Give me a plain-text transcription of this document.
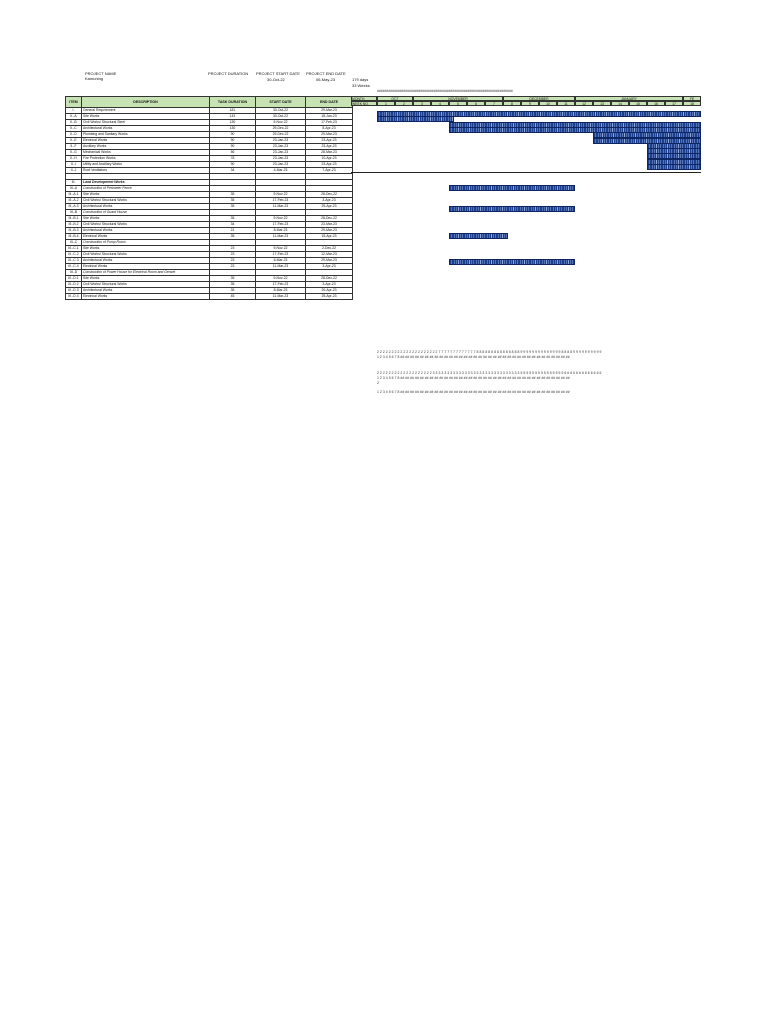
PROJECT NAME
Kamuning
PROJECT DURATION PROJECT START DATE
30-Oct-22
PROJECT END DATE
06-May-23	179 days
33 Weeks
ITEM	DESCRIPTION	TASK DURATION	START DATE	END DATE
I.	General Requirement	181	30-Oct-22	29-Mar-23
II.-A	Site Works	143	30-Oct-22	18-Jan-23
II.-B	Civil Works/ Structural Steel	130	9-Nov-22	17-Feb-23
II.-C	Architectural Works	130	29-Dec-22	8-Apr-23
II.-D	Plumbing and Sanitary Works	90	29-Dec-22	29-Mar-23
II.-E	Electrical Works	90	23-Jan-23	23-Apr-23
II.-F	Auxiliary Works	90	23-Jan-23	23-Apr-23
II.-G	Mechanical Works	56	23-Jan-23	28-Mar-23
II.-H	Fire Protection Works	78	23-Jan-23	10-Apr-23
II.-I	Utility and Ancillary Works	90	23-Jan-23	23-Apr-23
II.-J	Roof Ventilators	34	4-Mar-23	7-Apr-23

III.	Land Development Works			
III.-A	Construction of Perimeter Fence			
III.-A.1	Site Works	35	9-Nov-22	28-Dec-22
III.-A.2	Civil Works/ Structural Works	35	17-Feb-23	3-Apr-23
III.-A.3	Architectural Works	35	11-Mar-23	25-Apr-23
III.-B	Construction of Guard House			
III.-B.1	Site Works	35	9-Nov-22	28-Dec-22
III.-B.2	Civil Works/ Structural Works	34	17-Feb-23	23-Mar-23
III.-B.3	Architectural Works	21	8-Mar-23	29-Mar-23
III.-B.4	Electrical Works	35	11-Mar-23	15-Apr-23
III.-C	Construction of Pump Room			
III.-C.1	Site Works	23	9-Nov-22	2-Dec-22
III.-C.2	Civil Works/ Structural Works	23	17-Feb-23	12-Mar-23
III.-C.3	Architectural Works	23	6-Mar-23	29-Mar-23
III.-C.4	Electrical Works	23	11-Mar-23	3-Apr-23
III.-D	Construction of Power House for Electrical Room and Genset			
III.-D.1	Site Works	35	9-Nov-22	28-Dec-22
III.-D.2	Civil Works/ Structural Works	35	17-Feb-23	3-Apr-23
III.-D.3	Architectural Works	35	8-Mar-23	20-Apr-23
III.-D.4	Electrical Works	45	11-Mar-23	25-Apr-23
########################################################################
MONTH
WEEK NO.
OCT	NOVEMBER	DECEMBER	JANUARY	FE
1	2	3	4	5	6	7	8	9	10	11	12	13	14	15	16	17	18
2 2 2 2 2 2 2 2 2 2 2 2 2 2 2 2 2 2 2 2 2 7 7 7 7 7 7 7 7 7 7 7 7 7 8 8 8 8 8 8 8 8 8 8 8 8 8 8 8 9 9 9 9 9 9 9 9 9 9 9 9 9 9 8 8 8 8 9 9 9 9 9 9 9 9 9 9
1 2 3 4 5 6 7 8 ## ## ## ## ## ## ## ## ## ## ## ## ## ## ## ## ## ## ## ## ## ## ## ## ## ## ## ## ## ## ## ## ## ## ##
2 2 2 2 2 2 2 2 2 2 2 2 2 2 2 2 2 2 2 3 3 3 3 3 3 3 3 3 3 3 3 3 3 3 3 3 3 3 3 3 3 3 3 3 3 3 3 3 3 5 5 5 5 5 5 5 5 5 5 5 5 5 5 5 6 6 6 6 6 6 6 6 6 6 6 6 6
1 2 3 4 5 6 7 8 ## ## ## ## ## ## ## ## ## ## ## ## ## ## ## ## ## ## ## ## ## ## ## ## ## ## ## ## ## ## ## ## ## ## ##
2
1 2 3 4 5 6 7 8 ## ## ## ## ## ## ## ## ## ## ## ## ## ## ## ## ## ## ## ## ## ## ## ## ## ## ## ## ## ## ## ## ## ## ##
